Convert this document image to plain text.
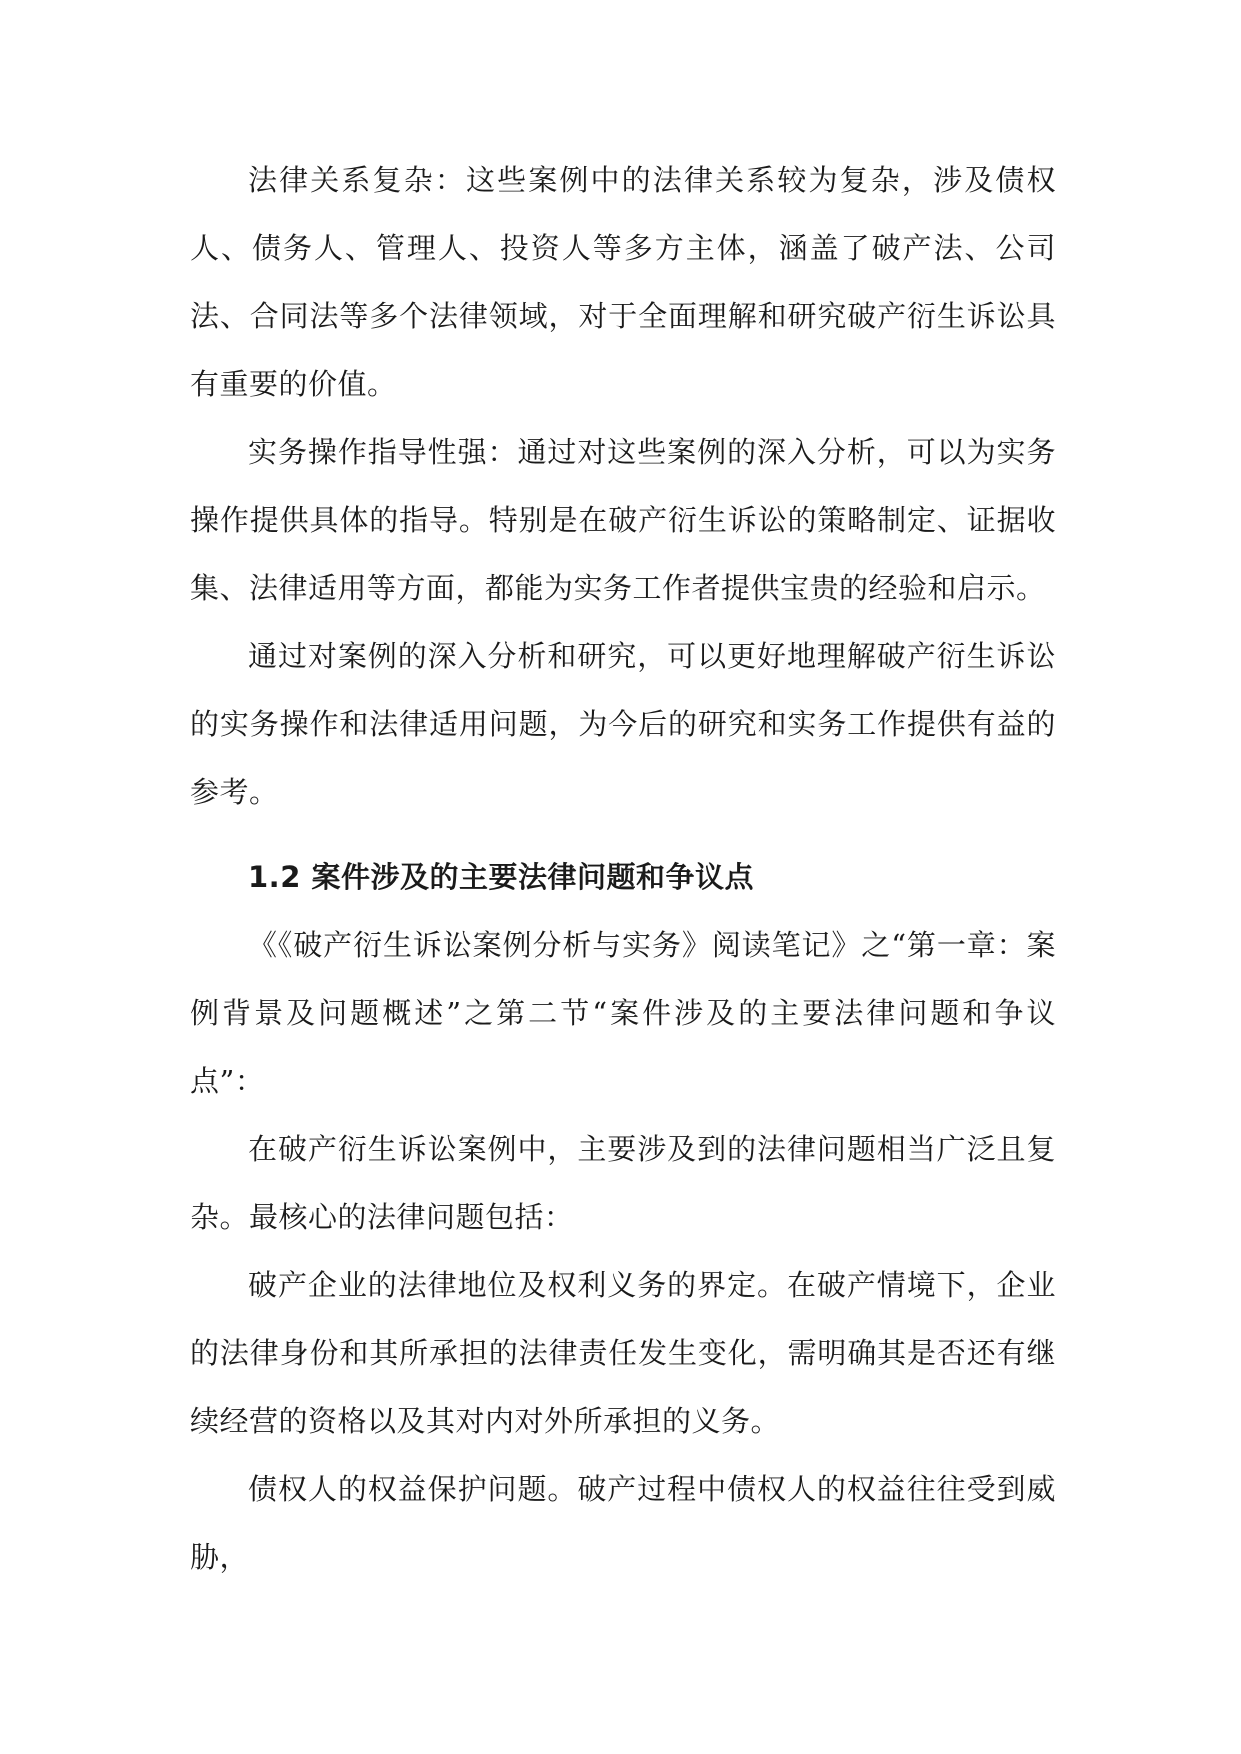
法律关系复杂：这些案例中的法律关系较为复杂，涉及债权人、债务人、管理人、投资人等多方主体，涵盖了破产法、公司法、合同法等多个法律领域，对于全面理解和研究破产衍生诉讼具有重要的价值。

实务操作指导性强：通过对这些案例的深入分析，可以为实务操作提供具体的指导。特别是在破产衍生诉讼的策略制定、证据收集、法律适用等方面，都能为实务工作者提供宝贵的经验和启示。

通过对案例的深入分析和研究，可以更好地理解破产衍生诉讼的实务操作和法律适用问题，为今后的研究和实务工作提供有益的参考。

1.2 案件涉及的主要法律问题和争议点

《《破产衍生诉讼案例分析与实务》阅读笔记》之“第一章：案例背景及问题概述”之第二节“案件涉及的主要法律问题和争议点”：

在破产衍生诉讼案例中，主要涉及到的法律问题相当广泛且复杂。最核心的法律问题包括：

破产企业的法律地位及权利义务的界定。在破产情境下，企业的法律身份和其所承担的法律责任发生变化，需明确其是否还有继续经营的资格以及其对内对外所承担的义务。

债权人的权益保护问题。破产过程中债权人的权益往往受到威胁，
